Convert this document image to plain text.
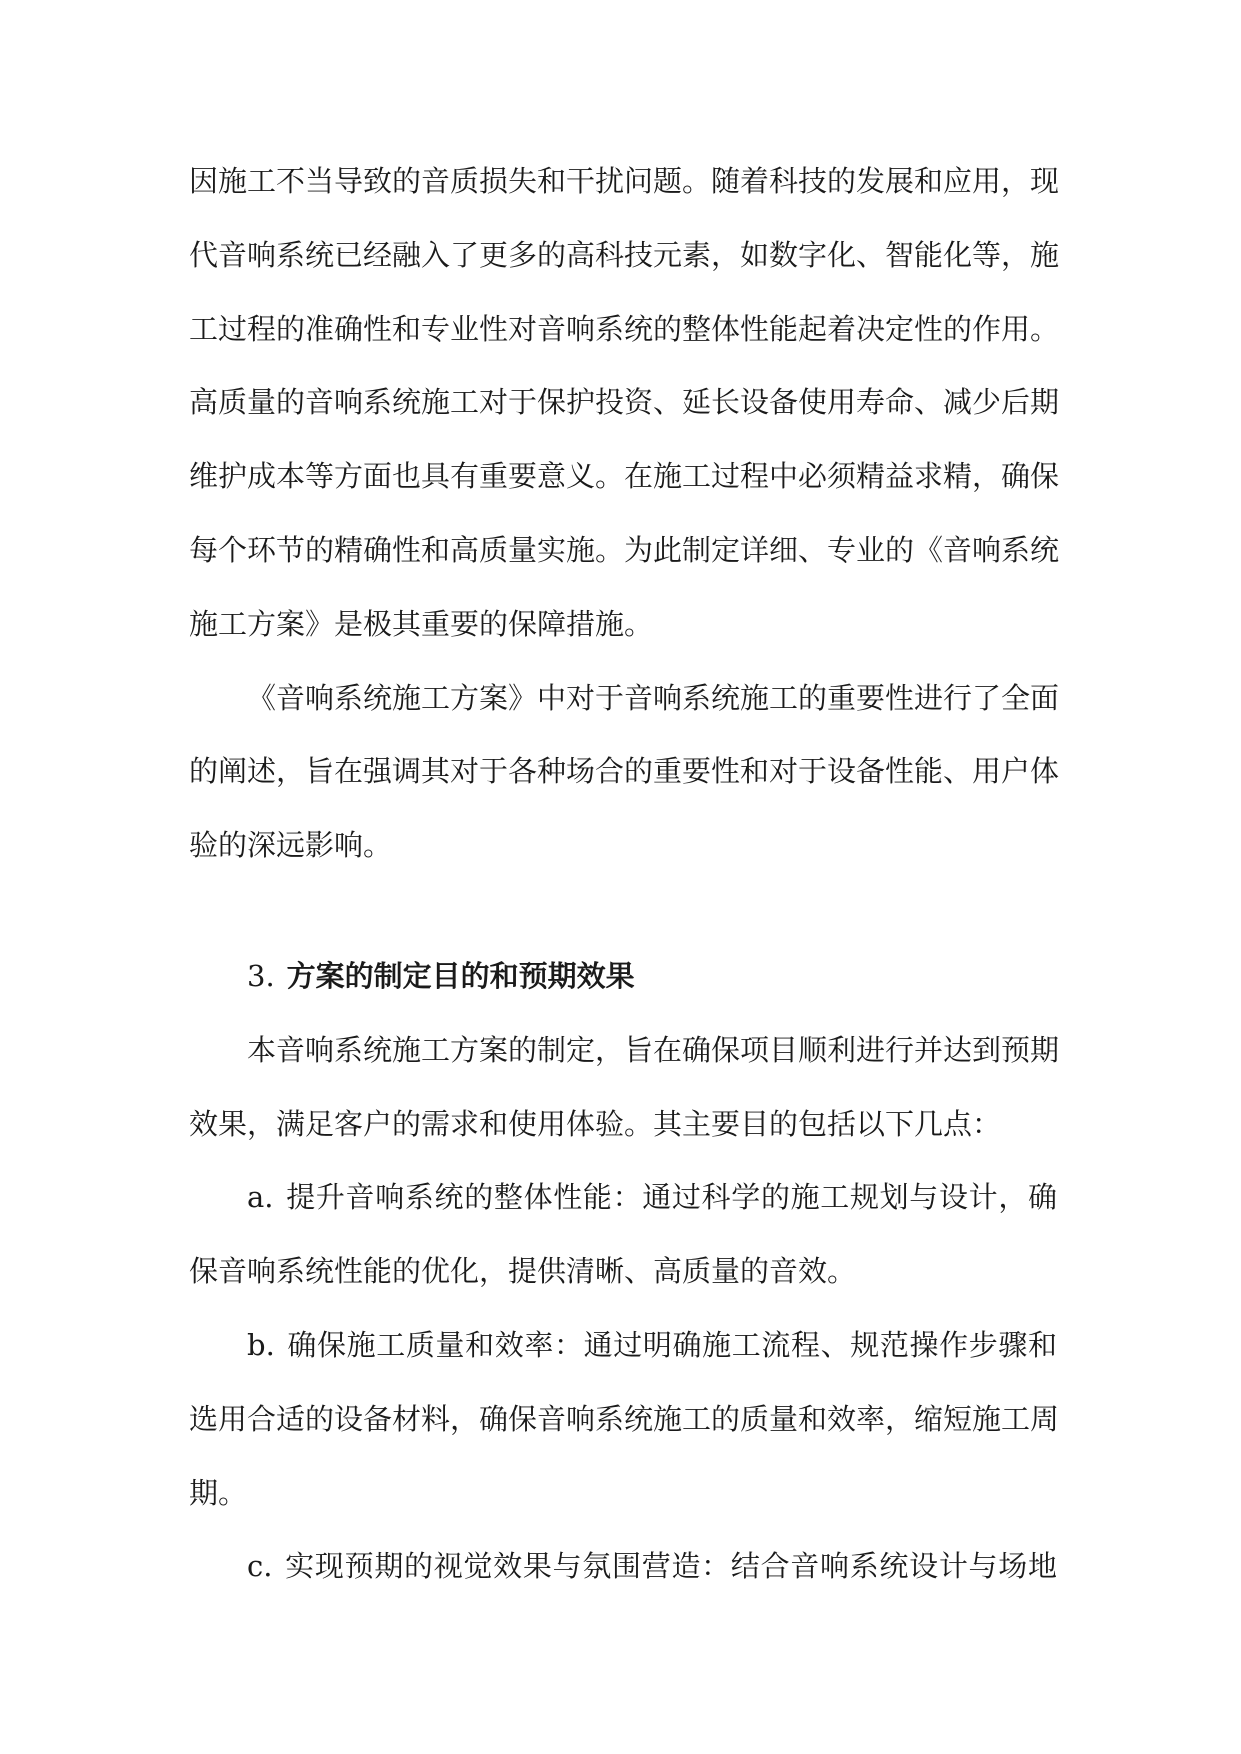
因施工不当导致的音质损失和干扰问题。随着科技的发展和应用，现
代音响系统已经融入了更多的高科技元素，如数字化、智能化等，施
工过程的准确性和专业性对音响系统的整体性能起着决定性的作用。
高质量的音响系统施工对于保护投资、延长设备使用寿命、减少后期
维护成本等方面也具有重要意义。在施工过程中必须精益求精，确保
每个环节的精确性和高质量实施。为此制定详细、专业的《音响系统
施工方案》是极其重要的保障措施。
《音响系统施工方案》中对于音响系统施工的重要性进行了全面
的阐述，旨在强调其对于各种场合的重要性和对于设备性能、用户体
验的深远影响。
3. 方案的制定目的和预期效果
本音响系统施工方案的制定，旨在确保项目顺利进行并达到预期
效果，满足客户的需求和使用体验。其主要目的包括以下几点：
a. 提升音响系统的整体性能：通过科学的施工规划与设计，确
保音响系统性能的优化，提供清晰、高质量的音效。
b. 确保施工质量和效率：通过明确施工流程、规范操作步骤和
选用合适的设备材料，确保音响系统施工的质量和效率，缩短施工周
期。
c. 实现预期的视觉效果与氛围营造：结合音响系统设计与场地
